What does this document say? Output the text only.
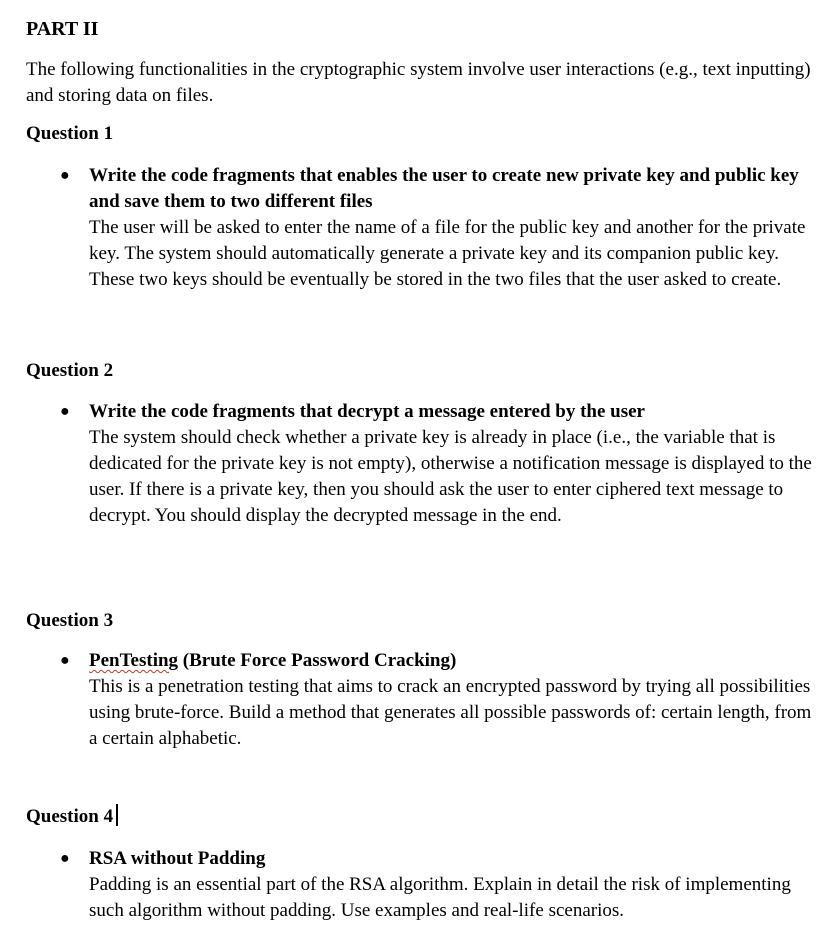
PART II

The following functionalities in the cryptographic system involve user interactions (e.g., text inputting) and storing data on files.

Question 1
● Write the code fragments that enables the user to create new private key and public key and save them to two different files

The user will be asked to enter the name of a file for the public key and another for the private key. The system should automatically generate a private key and its companion public key. These two keys should be eventually be stored in the two files that the user asked to create.

Question 2
● Write the code fragments that decrypt a message entered by the user

The system should check whether a private key is already in place (i.e., the variable that is dedicated for the private key is not empty), otherwise a notification message is displayed to the user. If there is a private key, then you should ask the user to enter ciphered text message to decrypt. You should display the decrypted message in the end.

Question 3
● PenTesting (Brute Force Password Cracking)

This is a penetration testing that aims to crack an encrypted password by trying all possibilities using brute-force. Build a method that generates all possible passwords of: certain length, from a certain alphabetic.

Question 4
● RSA without Padding

Padding is an essential part of the RSA algorithm. Explain in detail the risk of implementing such algorithm without padding. Use examples and real-life scenarios.
